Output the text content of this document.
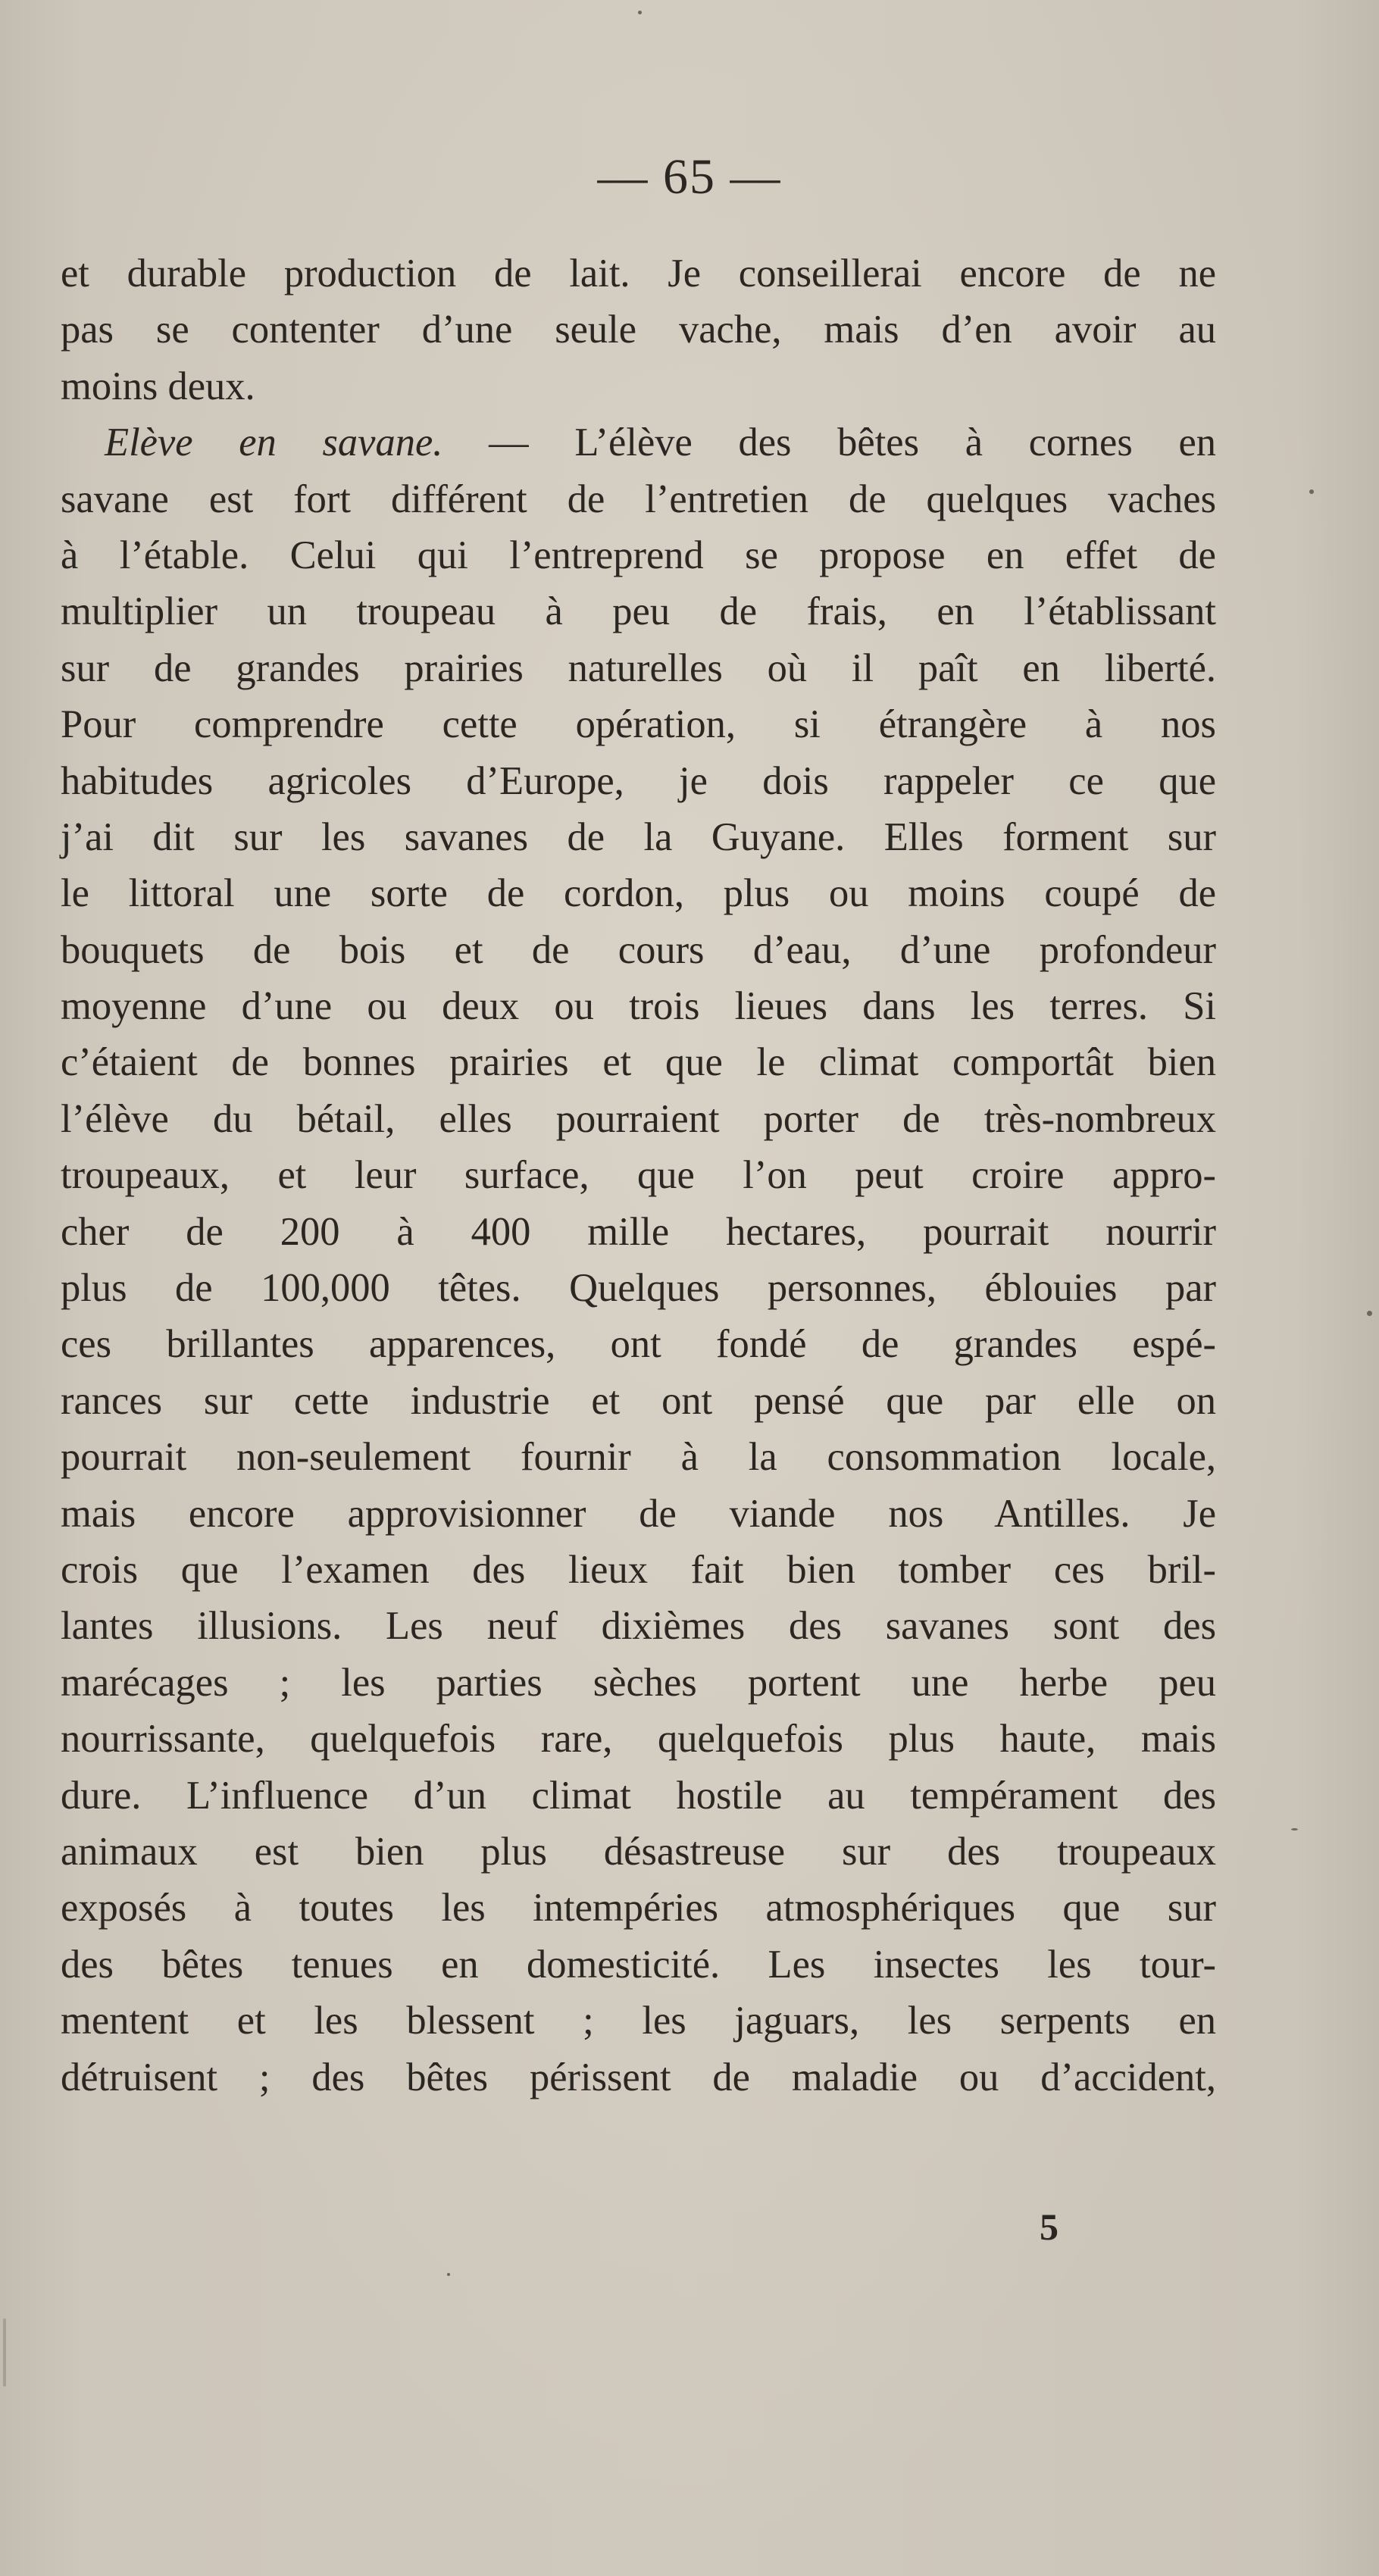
— 65 —
et durable production de lait. Je conseillerai encore de ne
pas se contenter d’une seule vache, mais d’en avoir au
moins deux.
Elève en savane. — L’élève des bêtes à cornes en
savane est fort différent de l’entretien de quelques vaches
à l’étable. Celui qui l’entreprend se propose en effet de
multiplier un troupeau à peu de frais, en l’établissant
sur de grandes prairies naturelles où il paît en liberté.
Pour comprendre cette opération, si étrangère à nos
habitudes agricoles d’Europe, je dois rappeler ce que
j’ai dit sur les savanes de la Guyane. Elles forment sur
le littoral une sorte de cordon, plus ou moins coupé de
bouquets de bois et de cours d’eau, d’une profondeur
moyenne d’une ou deux ou trois lieues dans les terres. Si
c’étaient de bonnes prairies et que le climat comportât bien
l’élève du bétail, elles pourraient porter de très-nombreux
troupeaux, et leur surface, que l’on peut croire appro-
cher de 200 à 400 mille hectares, pourrait nourrir
plus de 100,000 têtes. Quelques personnes, éblouies par
ces brillantes apparences, ont fondé de grandes espé-
rances sur cette industrie et ont pensé que par elle on
pourrait non-seulement fournir à la consommation locale,
mais encore approvisionner de viande nos Antilles. Je
crois que l’examen des lieux fait bien tomber ces bril-
lantes illusions. Les neuf dixièmes des savanes sont des
marécages ; les parties sèches portent une herbe peu
nourrissante, quelquefois rare, quelquefois plus haute, mais
dure. L’influence d’un climat hostile au tempérament des
animaux est bien plus désastreuse sur des troupeaux
exposés à toutes les intempéries atmosphériques que sur
des bêtes tenues en domesticité. Les insectes les tour-
mentent et les blessent ; les jaguars, les serpents en
détruisent ; des bêtes périssent de maladie ou d’accident,
5
